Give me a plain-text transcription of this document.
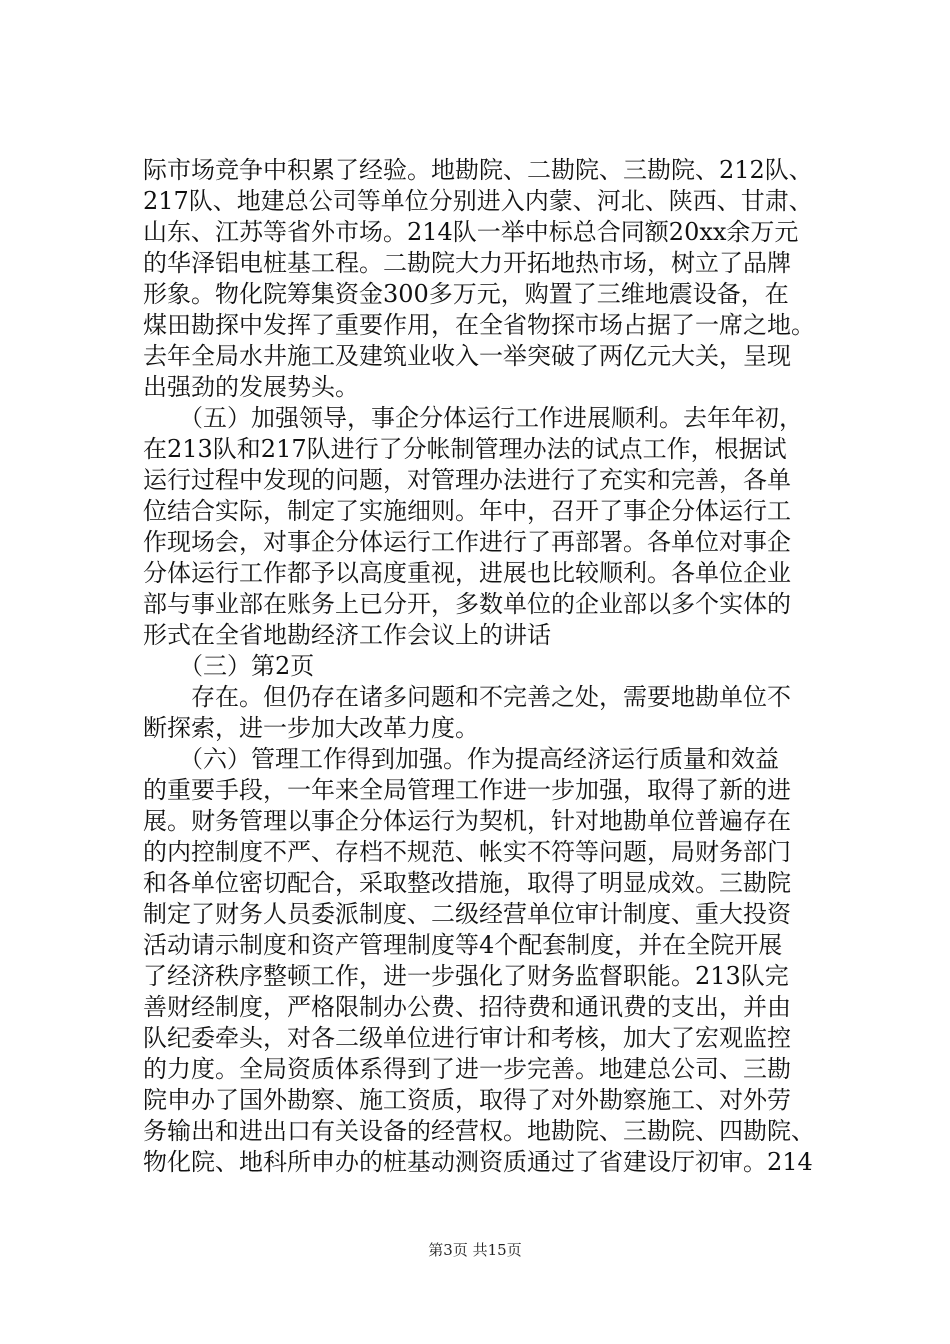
际市场竞争中积累了经验。地勘院、二勘院、三勘院、212队、
217队、地建总公司等单位分别进入内蒙、河北、陕西、甘肃、
山东、江苏等省外市场。214队一举中标总合同额20xx余万元
的华泽铝电桩基工程。二勘院大力开拓地热市场，树立了品牌
形象。物化院筹集资金300多万元，购置了三维地震设备，在
煤田勘探中发挥了重要作用，在全省物探市场占据了一席之地。
去年全局水井施工及建筑业收入一举突破了两亿元大关，呈现
出强劲的发展势头。
　　（五）加强领导，事企分体运行工作进展顺利。去年年初，
在213队和217队进行了分帐制管理办法的试点工作，根据试
运行过程中发现的问题，对管理办法进行了充实和完善，各单
位结合实际，制定了实施细则。年中，召开了事企分体运行工
作现场会，对事企分体运行工作进行了再部署。各单位对事企
分体运行工作都予以高度重视，进展也比较顺利。各单位企业
部与事业部在账务上已分开，多数单位的企业部以多个实体的
形式在全省地勘经济工作会议上的讲话
　　（三）第2页
　　存在。但仍存在诸多问题和不完善之处，需要地勘单位不
断探索，进一步加大改革力度。
　　（六）管理工作得到加强。作为提高经济运行质量和效益
的重要手段，一年来全局管理工作进一步加强，取得了新的进
展。财务管理以事企分体运行为契机，针对地勘单位普遍存在
的内控制度不严、存档不规范、帐实不符等问题，局财务部门
和各单位密切配合，采取整改措施，取得了明显成效。三勘院
制定了财务人员委派制度、二级经营单位审计制度、重大投资
活动请示制度和资产管理制度等4个配套制度，并在全院开展
了经济秩序整顿工作，进一步强化了财务监督职能。213队完
善财经制度，严格限制办公费、招待费和通讯费的支出，并由
队纪委牵头，对各二级单位进行审计和考核，加大了宏观监控
的力度。全局资质体系得到了进一步完善。地建总公司、三勘
院申办了国外勘察、施工资质，取得了对外勘察施工、对外劳
务输出和进出口有关设备的经营权。地勘院、三勘院、四勘院、
物化院、地科所申办的桩基动测资质通过了省建设厅初审。214
第3页 共15页
